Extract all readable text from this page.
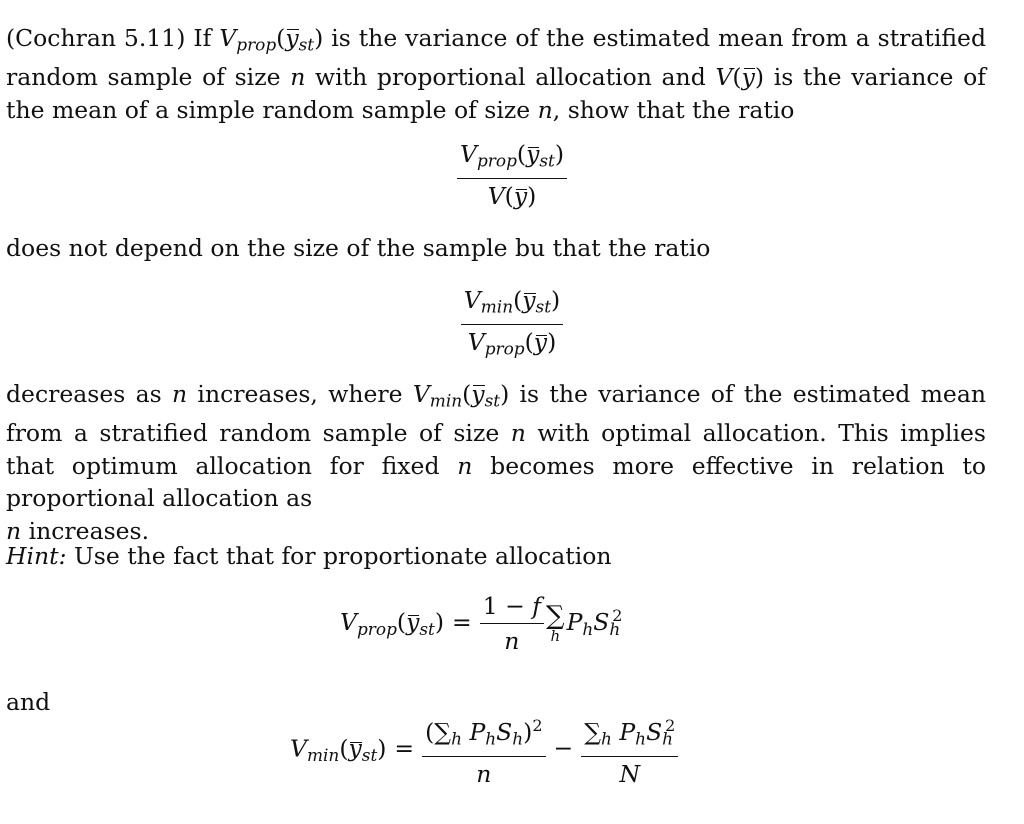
(Cochran 5.11) If $V_{prop}(y_{st})$ is the variance of the estimated mean from a stratified random sample of size n with proportional allocation and V(y) is the variance of the mean of a simple random sample of size n, show that the ratio
$\frac{V_{prop}(y_{st})}{V(y)}$
does not depend on the size of the sample bu that the ratio
$\frac{V_{min}(y_{st})}{V_{prop}(y)}$
decreases as n increases, where $V_{min}(y_{st})$ is the variance of the estimated mean from a stratified random sample of size n with optimal allocation. This implies that optimum allocation for fixed n becomes more effective in relation to proportional allocation as
n increases.
Hint: Use the fact that for proportionate allocation
$V_{prop}(y_{st}) = \frac{1 - f}{n}$ ∑
h $P_hS_h^2$
and
$V_{min}(y_{st}) = \frac{(\sum_h P_hS_h)^2}{n} - \frac{\sum_h P_hS_h^2}{N}$
